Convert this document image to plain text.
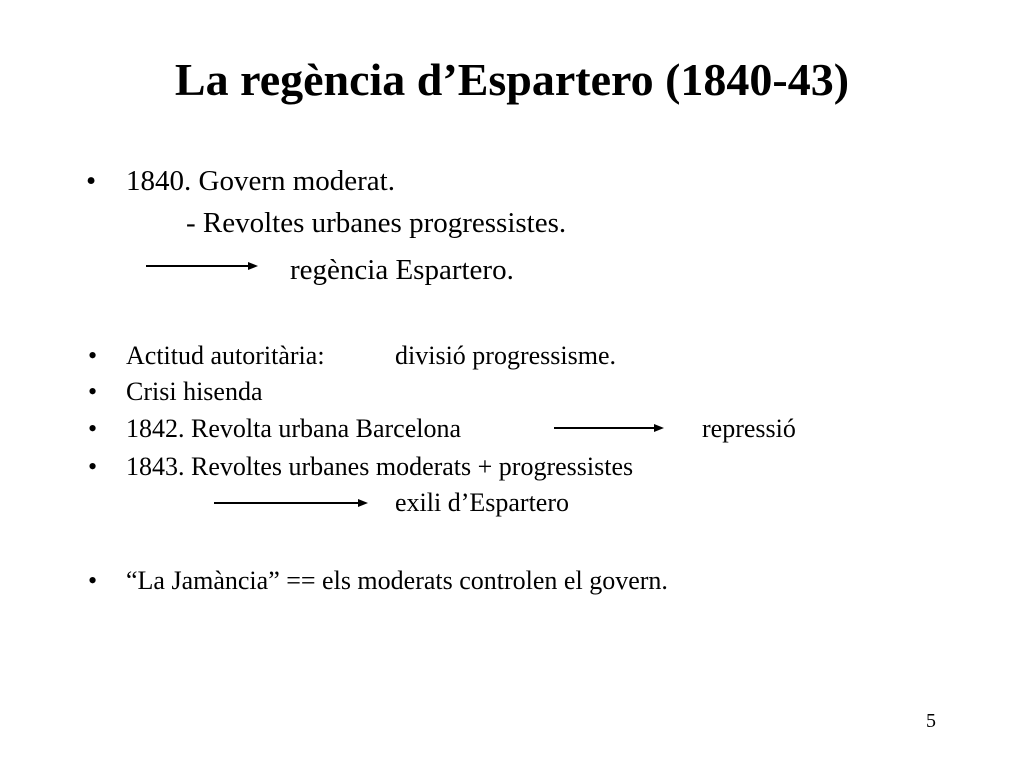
La regència d’Espartero (1840-43)
• 1840. Govern moderat.
- Revoltes urbanes progressistes.
regència Espartero.
• Actitud autoritària:	divisió progressisme.
• Crisi hisenda
• 1842. Revolta urbana Barcelona	repressió
• 1843. Revoltes urbanes moderats + progressistes
exili d’Espartero
• “La Jamància” == els moderats controlen el govern.
5
